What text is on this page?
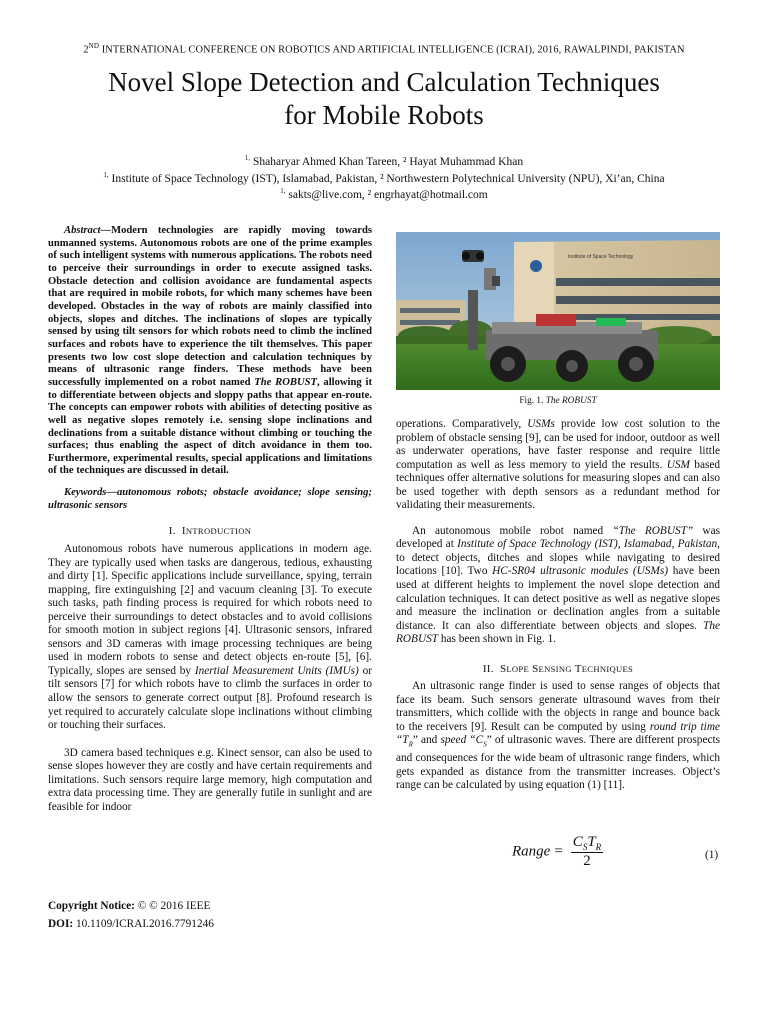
2ND INTERNATIONAL CONFERENCE ON ROBOTICS AND ARTIFICIAL INTELLIGENCE (ICRAI), 2016, RAWALPINDI, PAKISTAN
Novel Slope Detection and Calculation Techniques
for Mobile Robots
$^{1,}$ Shaharyar Ahmed Khan Tareen, ² Hayat Muhammad Khan
$^{1,}$ Institute of Space Technology (IST), Islamabad, Pakistan, ² Northwestern Polytechnical University (NPU), Xi’an, China
$^{1,}$ sakts@live.com, ² engrhayat@hotmail.com

Abstract—Modern technologies are rapidly moving towards unmanned systems. Autonomous robots are one of the prime examples of such intelligent systems with numerous applications. The robots need to perceive their surroundings in order to execute assigned tasks. Obstacle detection and collision avoidance are fundamental aspects that are required in mobile robots, for which many schemes have been developed. Obstacles in the way of robots are mainly classified into objects, slopes and ditches. The inclinations of slopes are typically sensed by using tilt sensors for which robots need to climb the inclined surfaces and robots have to experience the tilt themselves. This paper presents two low cost slope detection and calculation techniques by means of ultrasonic range finders. These methods have been successfully implemented on a robot named The ROBUST, allowing it to differentiate between objects and sloppy paths that appear en-route. The concepts can empower robots with abilities of detecting positive as well as negative slopes remotely i.e. sensing slope inclinations and declinations from a suitable distance without climbing or touching the surfaces; thus enabling the aspect of ditch avoidance in them too. Furthermore, experimental results, special applications and limitations of the techniques are discussed in detail.

Keywords—autonomous robots; obstacle avoidance; slope sensing; ultrasonic sensors

I. INTRODUCTION

Autonomous robots have numerous applications in modern age. They are typically used when tasks are dangerous, tedious, exhausting and dirty [1]. Specific applications include surveillance, spying, terrain mapping, fire extinguishing [2] and vacuum cleaning [3]. To execute such tasks, path finding process is required for which robots need to perceive their surroundings to detect obstacles and to avoid collisions for smooth motion in subject regions [4]. Ultrasonic sensors, infrared sensors and 3D cameras with image processing techniques are being used in modern robots to sense and detect objects en-route [5], [6]. Typically, slopes are sensed by Inertial Measurement Units (IMUs) or tilt sensors [7] for which robots have to climb the surfaces in order to allow the sensors to generate correct output [8]. Profound research is yet required to accurately calculate slope inclinations without climbing or touching their surfaces.

3D camera based techniques e.g. Kinect sensor, can also be used to sense slopes however they are costly and have certain requirements and limitations. Such sensors require large memory, high computation and extra data processing time. They are generally futile in sunlight and are feasible for indoor

Institute of Space Technology
Fig. 1. The ROBUST

operations. Comparatively, USMs provide low cost solution to the problem of obstacle sensing [9], can be used for indoor, outdoor as well as underwater operations, have faster response and require little computation as well as less memory to yield the results. USM based techniques offer alternative solutions for measuring slopes and can also be used together with depth sensors as a redundant method for validating their measurements.

An autonomous mobile robot named “The ROBUST” was developed at Institute of Space Technology (IST), Islamabad, Pakistan, to detect objects, ditches and slopes while navigating to desired locations [10]. Two HC-SR04 ultrasonic modules (USMs) have been used at different heights to implement the novel slope detection and calculation techniques. It can detect positive as well as negative slopes and measure the inclination or declination angles from a suitable distance. It can also differentiate between objects and slopes. The ROBUST has been shown in Fig. 1.

II. SLOPE SENSING TECHNIQUES

An ultrasonic range finder is used to sense ranges of objects that face its beam. Such sensors generate ultrasound waves from their transmitters, which collide with the objects in range and bounce back to the receivers [9]. Result can be computed by using round trip time “$T_R$” and speed “$C_S$” of ultrasonic waves. There are different prospects and consequences for the wide beam of ultrasonic range finders, which gets expanded as distance from the transmitter increases. Object’s range can be calculated by using equation (1) [11].

Range = $\frac{C_ST_R}{2}$	(1)
Copyright Notice: © © 2016 IEEE
DOI: 10.1109/ICRAI.2016.7791246
